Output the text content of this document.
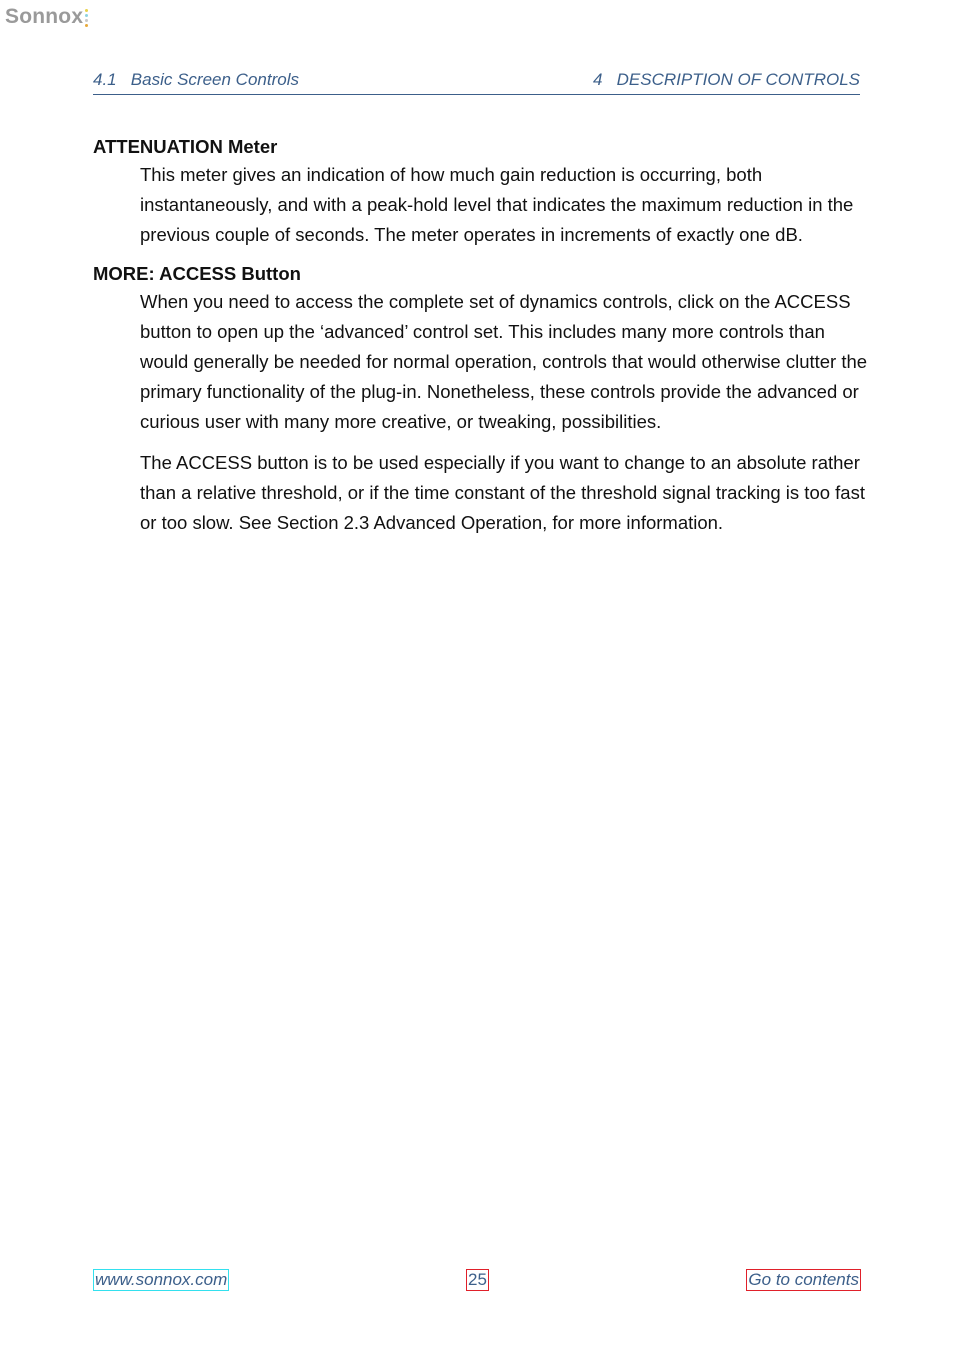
Sonnox
4.1   Basic Screen Controls	4   DESCRIPTION OF CONTROLS
ATTENUATION Meter

This meter gives an indication of how much gain reduction is occurring, both instantaneously, and with a peak-hold level that indicates the maximum reduction in the previous couple of seconds. The meter operates in increments of exactly one dB.

MORE: ACCESS Button

When you need to access the complete set of dynamics controls, click on the ACCESS button to open up the ‘advanced’ control set. This includes many more controls than would generally be needed for normal operation, controls that would otherwise clutter the primary functionality of the plug-in. Nonetheless, these controls provide the advanced or curious user with many more creative, or tweaking, possibilities.

The ACCESS button is to be used especially if you want to change to an absolute rather than a relative threshold, or if the time constant of the threshold signal tracking is too fast or too slow. See Section 2.3 Advanced Operation, for more information.

www.sonnox.com	25	Go to contents
